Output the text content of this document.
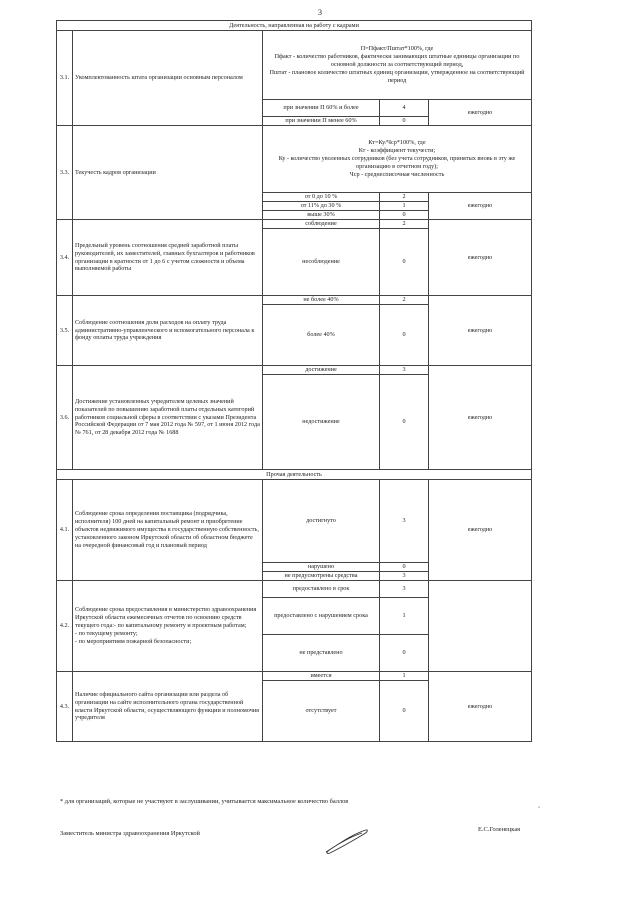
3
Деятельность, направленная на работу с кадрами				
3.1.	Укомплектованность штата организации основным персоналом	П=Пфакт/Пштат*100%, где
Пфакт - количество работников, фактически занимающих штатные единицы организации по основной должности за соответствующий период,
Пштат - плановое количество штатных единиц организации, утвержденное на соответствующий период		

		при значении П 60% и более	4	ежегодно
		при значении П менее 60%	0	
3.3.	Текучесть кадров организации	Кт=Ку/Чср*100%, где
Кт - коэффициент текучести;
Ку - количество уволенных сотрудников (без учета сотрудников, принятых вновь в эту же организацию в отчетном году);
Чср - среднесписочная численность		

		от 0 до 10 %	2	ежегодно
		от 11% до 30 %	1	
		выше 30%	0	
3.4.	Предельный уровень соотношения средней заработной платы руководителей, их заместителей, главных бухгалтеров и работников организации в кратности от 1 до 6 с учетом сложности и объема выполняемой работы	соблюдение	2	ежегодно
		несоблюдение	0	
3.5.	Соблюдение соотношения доли расходов на оплату труда административно-управленческого и вспомогательного персонала к фонду оплаты труда учреждения	не более 40%	2	ежегодно
		более 40%	0	
3.6.	Достижение установленных учредителем целевых значений показателей по повышению заработной платы отдельных категорий работников социальной сферы в соответствии с указами Президента Российской Федерации от 7 мая 2012 года № 597, от 1 июня 2012 года № 761, от 28 декабря 2012 года № 1688	достижение	3	ежегодно
		недостижение	0	
Прочая деятельность				
4.1.	Соблюдение срока определения поставщика (подрядчика, исполнителя) 100 дней на капитальный ремонт и приобретение объектов недвижимого имущества в государственную собственность, установленного законом Иркутской области об областном бюджете на очередной финансовый год и плановый период	достигнуто	3	ежегодно
		нарушено	0	
		не предусмотрены средства	3	
4.2.	Соблюдение срока предоставления в министерство здравоохранения Иркутской области ежемесячных отчетов по освоению средств текущего года:- по капитальному ремонту и проектным работам;
- по текущему ремонту;
- по мероприятиям пожарной безопасности;	предоставлено в срок	3	
		предоставлено с нарушением срока	1	
		не представлено	0	
4.3.	Наличие официального сайта организации или раздела об организации на сайте исполнительного органа государственной власти Иркутской области, осуществляющего функции и полномочия учредителя	имеется	1	ежегодно
		отсутствует	0	
* для организаций, которые не участвуют в заслушивании, учитывается максимальное количество баллов
◦
Заместитель министра здравоохранения Иркутской
Е.С.Голенецкая
